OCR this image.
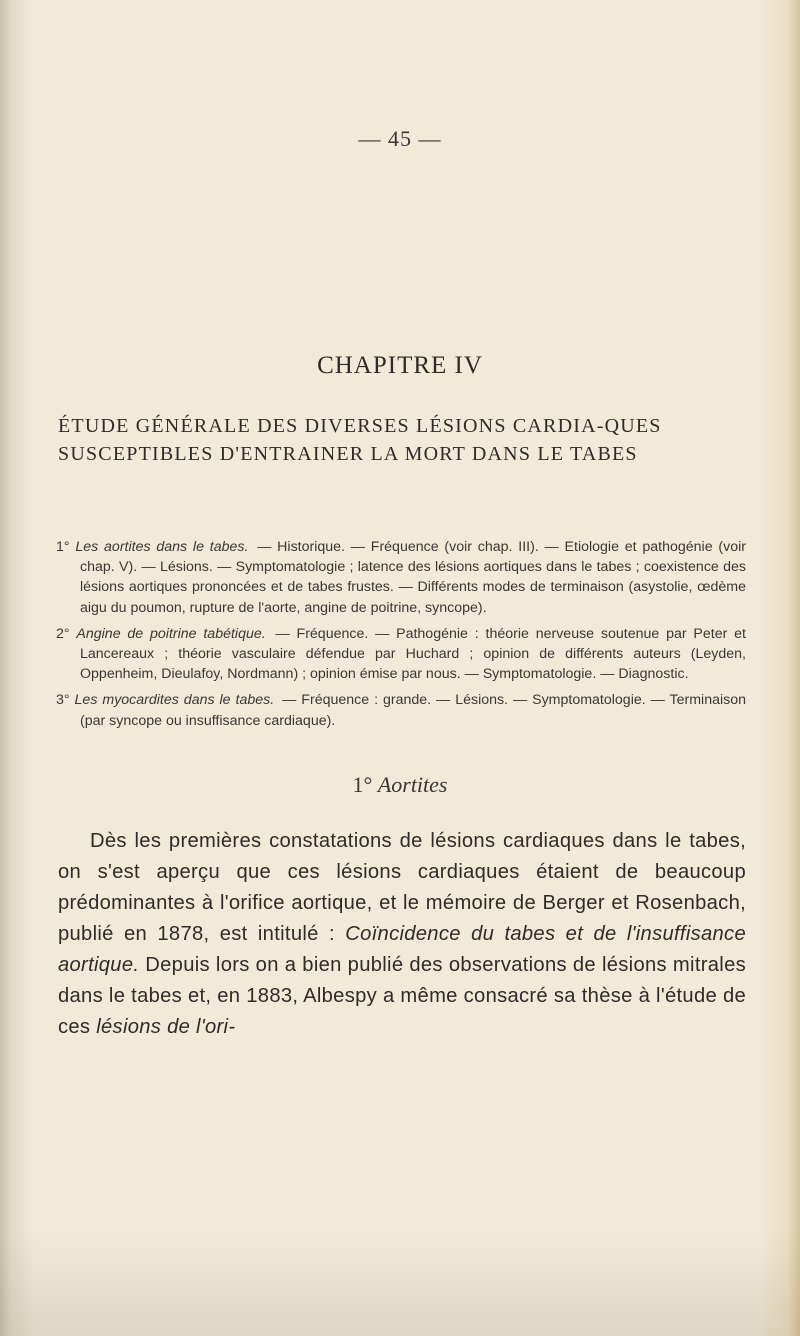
— 45 —
CHAPITRE IV
ÉTUDE GÉNÉRALE DES DIVERSES LÉSIONS CARDIA-QUES SUSCEPTIBLES D'ENTRAINER LA MORT DANS LE TABES

1° Les aortites dans le tabes. — Historique. — Fréquence (voir chap. III). — Etiologie et pathogénie (voir chap. V). — Lésions. — Symptomatologie ; latence des lésions aortiques dans le tabes ; coexistence des lésions aortiques prononcées et de tabes frustes. — Différents modes de terminaison (asystolie, œdème aigu du poumon, rupture de l'aorte, angine de poitrine, syncope).

2° Angine de poitrine tabétique. — Fréquence. — Pathogénie : théorie nerveuse soutenue par Peter et Lancereaux ; théorie vasculaire défendue par Huchard ; opinion de différents auteurs (Leyden, Oppenheim, Dieulafoy, Nordmann) ; opinion émise par nous. — Symptomatologie. — Diagnostic.

3° Les myocardites dans le tabes. — Fréquence : grande. — Lésions. — Symptomatologie. — Terminaison (par syncope ou insuffisance cardiaque).

1° Aortites

Dès les premières constatations de lésions cardiaques dans le tabes, on s'est aperçu que ces lésions cardiaques étaient de beaucoup prédominantes à l'orifice aortique, et le mémoire de Berger et Rosenbach, publié en 1878, est intitulé : Coïncidence du tabes et de l'insuffisance aortique. Depuis lors on a bien publié des observations de lésions mitrales dans le tabes et, en 1883, Albespy a même consacré sa thèse à l'étude de ces lésions de l'ori-
